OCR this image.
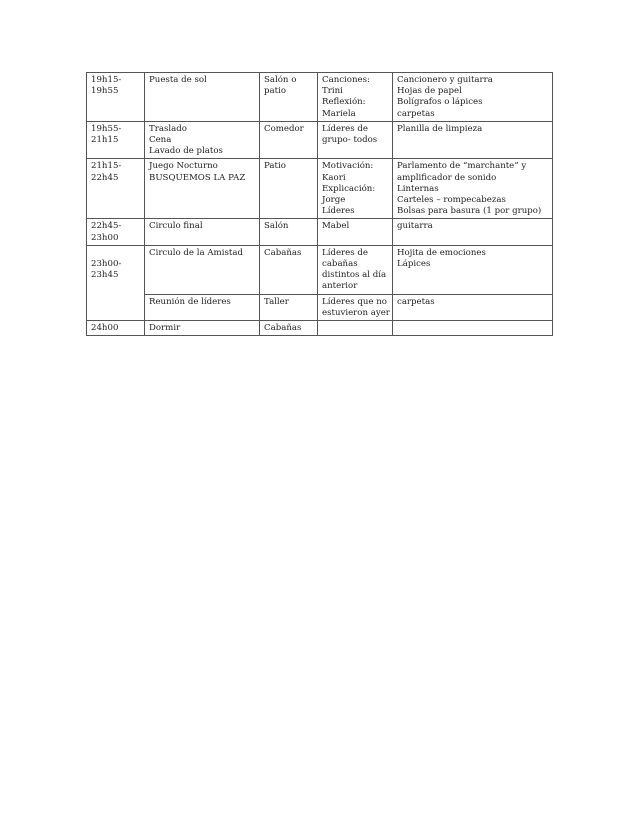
19h15-
19h55	Puesta de sol	Salón o
patio	Canciones:
Trini
Reflexión:
Mariela	Cancionero y guitarra
Hojas de papel
Bolígrafos o lápices
carpetas

19h55-
21h15	Traslado
Cena
Lavado de platos	Comedor	Líderes de
grupo- todos	Planilla de limpieza

21h15-
22h45	Juego Nocturno
BUSQUEMOS LA PAZ	Patio	Motivación:
Kaori
Explicación:
Jorge
Líderes	Parlamento de “marchante” y amplificador de sonido
Linternas
Carteles – rompecabezas
Bolsas para basura (1 por grupo)

22h45-
23h00	Circulo final	Salón	Mabel	guitarra

23h00-
23h45	Circulo de la Amistad	Cabañas	Líderes de
cabañas
distintos al día
anterior	Hojita de emociones
Lápices

	Reunión de líderes	Taller	Líderes que no
estuvieron ayer	carpetas

24h00	Dormir	Cabañas		
